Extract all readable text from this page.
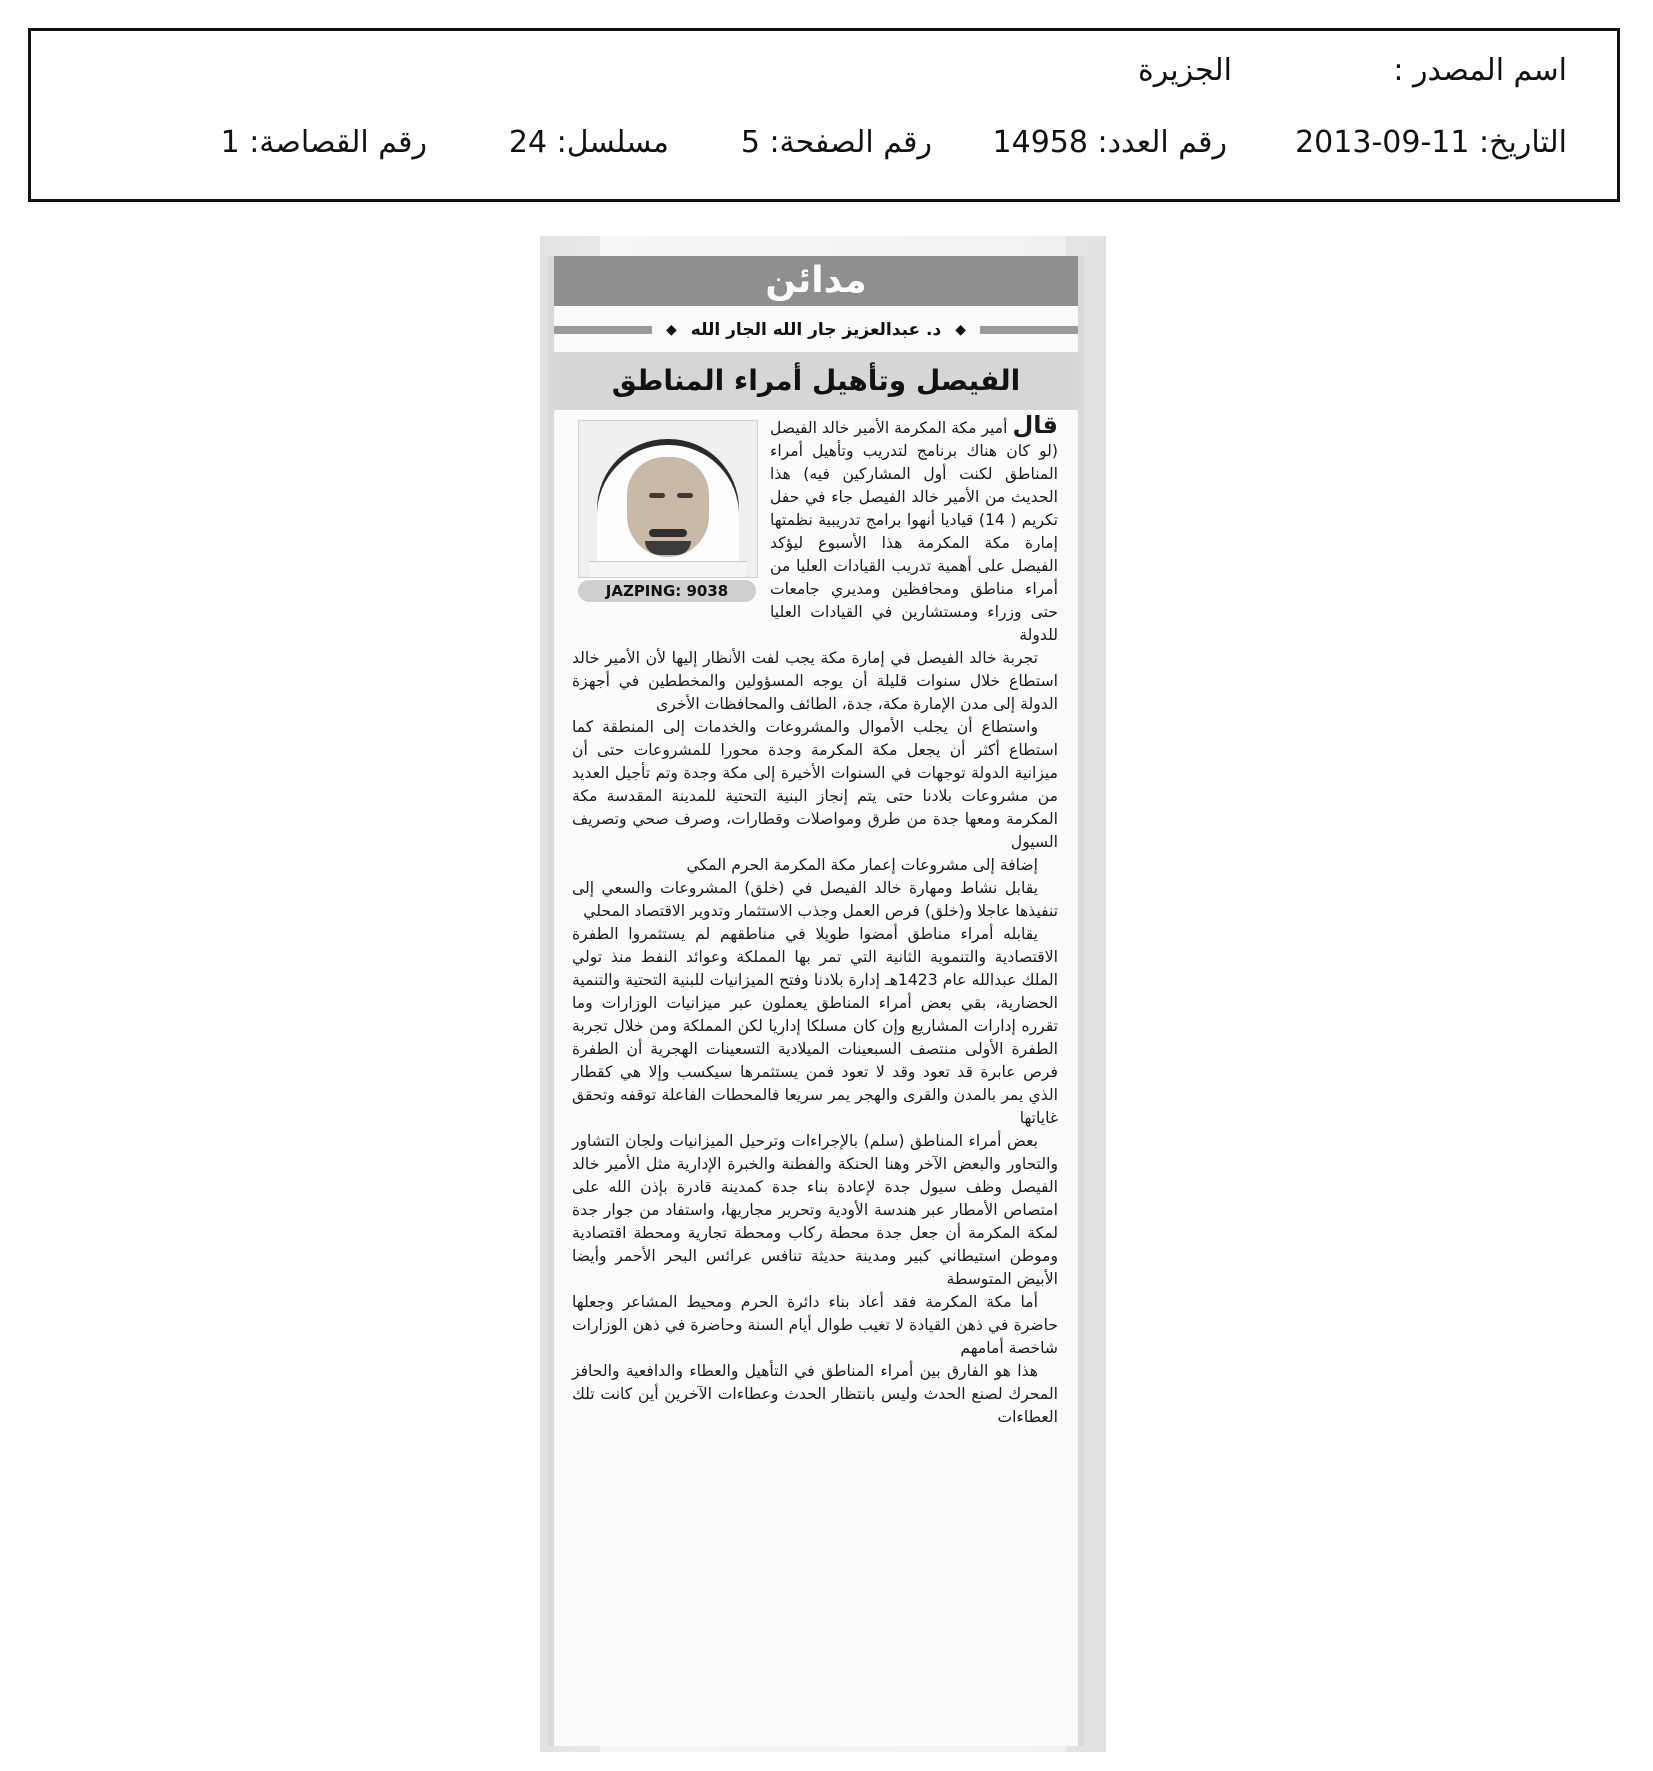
اسم المصدر :
الجزيرة
التاريخ: 11-09-2013
رقم العدد: 14958
رقم الصفحة: 5
مسلسل: 24
رقم القصاصة: 1
مدائن
◆
د. عبدالعزيز جار الله الجار الله
◆
الفيصل وتأهيل أمراء المناطق
JAZPING: 9038

قال أمير مكة المكرمة الأمير خالد الفيصل (لو كان هناك برنامج لتدريب وتأهيل أمراء المناطق لكنت أول المشاركين فيه) هذا الحديث من الأمير خالد الفيصل جاء في حفل تكريم ( 14) قياديا أنهوا برامج تدريبية نظمتها إمارة مكة المكرمة هذا الأسبوع ليؤكد الفيصل على أهمية تدريب القيادات العليا من أمراء مناطق ومحافظين ومديري جامعات حتى وزراء ومستشارين في القيادات العليا للدولة

تجربة خالد الفيصل في إمارة مكة يجب لفت الأنظار إليها لأن الأمير خالد استطاع خلال سنوات قليلة أن يوجه المسؤولين والمخططين في أجهزة الدولة إلى مدن الإمارة مكة، جدة، الطائف والمحافظات الأخرى

واستطاع أن يجلب الأموال والمشروعات والخدمات إلى المنطقة كما استطاع أكثر أن يجعل مكة المكرمة وجدة محورا للمشروعات حتى أن ميزانية الدولة توجهات في السنوات الأخيرة إلى مكة وجدة وتم تأجيل العديد من مشروعات بلادنا حتى يتم إنجاز البنية التحتية للمدينة المقدسة مكة المكرمة ومعها جدة من طرق ومواصلات وقطارات، وصرف صحي وتصريف السيول

إضافة إلى مشروعات إعمار مكة المكرمة الحرم المكي

يقابل نشاط ومهارة خالد الفيصل في (خلق) المشروعات والسعي إلى تنفيذها عاجلا و(خلق) فرص العمل وجذب الاستثمار وتدوير الاقتصاد المحلي

يقابله أمراء مناطق أمضوا طويلا في مناطقهم لم يستثمروا الطفرة الاقتصادية والتنموية الثانية التي تمر بها المملكة وعوائد النفط منذ تولي الملك عبدالله عام 1423هـ إدارة بلادنا وفتح الميزانيات للبنية التحتية والتنمية الحضارية، بقي بعض أمراء المناطق يعملون عبر ميزانيات الوزارات وما تقرره إدارات المشاريع وإن كان مسلكا إداريا لكن المملكة ومن خلال تجربة الطفرة الأولى منتصف السبعينات الميلادية التسعينات الهجرية أن الطفرة فرص عابرة قد تعود وقد لا تعود فمن يستثمرها سيكسب وإلا هي كقطار الذي يمر بالمدن والقرى والهجر يمر سريعا فالمحطات الفاعلة توقفه وتحقق غاياتها

بعض أمراء المناطق (سلم) بالإجراءات وترحيل الميزانيات ولجان التشاور والتحاور والبعض الآخر وهنا الحنكة والفطنة والخبرة الإدارية مثل الأمير خالد الفيصل وظف سيول جدة لإعادة بناء جدة كمدينة قادرة بإذن الله على امتصاص الأمطار عبر هندسة الأودية وتحرير مجاريها، واستفاد من جوار جدة لمكة المكرمة أن جعل جدة محطة ركاب ومحطة تجارية ومحطة اقتصادية وموطن استيطاني كبير ومدينة حديثة تنافس عرائس البحر الأحمر وأيضا الأبيض المتوسطة

أما مكة المكرمة فقد أعاد بناء دائرة الحرم ومحيط المشاعر وجعلها حاضرة في ذهن القيادة لا تغيب طوال أيام السنة وحاضرة في ذهن الوزارات شاخصة أمامهم

هذا هو الفارق بين أمراء المناطق في التأهيل والعطاء والدافعية والحافز المحرك لصنع الحدث وليس بانتظار الحدث وعطاءات الآخرين أين كانت تلك العطاءات
